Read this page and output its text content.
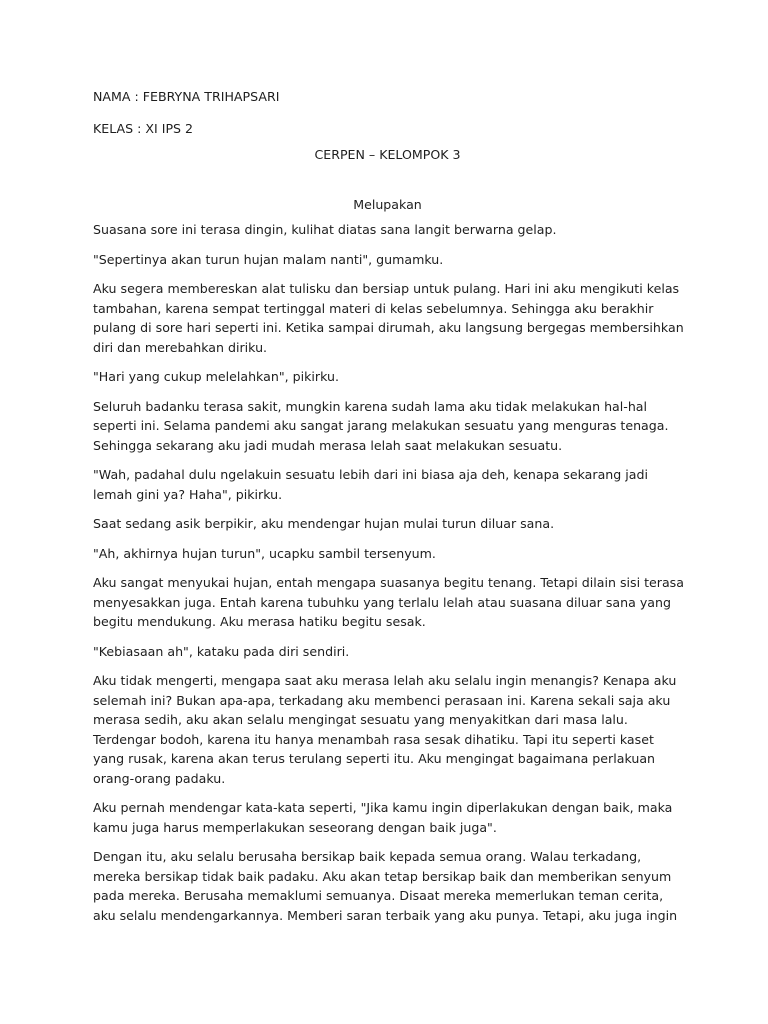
NAMA : FEBRYNA TRIHAPSARI
KELAS : XI IPS 2
CERPEN – KELOMPOK 3
Melupakan

Suasana sore ini terasa dingin, kulihat diatas sana langit berwarna gelap.

"Sepertinya akan turun hujan malam nanti", gumamku.

Aku segera membereskan alat tulisku dan bersiap untuk pulang. Hari ini aku mengikuti kelas
tambahan, karena sempat tertinggal materi di kelas sebelumnya. Sehingga aku berakhir
pulang di sore hari seperti ini. Ketika sampai dirumah, aku langsung bergegas membersihkan
diri dan merebahkan diriku.

"Hari yang cukup melelahkan", pikirku.

Seluruh badanku terasa sakit, mungkin karena sudah lama aku tidak melakukan hal-hal
seperti ini. Selama pandemi aku sangat jarang melakukan sesuatu yang menguras tenaga.
Sehingga sekarang aku jadi mudah merasa lelah saat melakukan sesuatu.

"Wah, padahal dulu ngelakuin sesuatu lebih dari ini biasa aja deh, kenapa sekarang jadi
lemah gini ya? Haha", pikirku.

Saat sedang asik berpikir, aku mendengar hujan mulai turun diluar sana.

"Ah, akhirnya hujan turun", ucapku sambil tersenyum.

Aku sangat menyukai hujan, entah mengapa suasanya begitu tenang. Tetapi dilain sisi terasa
menyesakkan juga. Entah karena tubuhku yang terlalu lelah atau suasana diluar sana yang
begitu mendukung. Aku merasa hatiku begitu sesak.

"Kebiasaan ah", kataku pada diri sendiri.

Aku tidak mengerti, mengapa saat aku merasa lelah aku selalu ingin menangis? Kenapa aku
selemah ini? Bukan apa-apa, terkadang aku membenci perasaan ini. Karena sekali saja aku
merasa sedih, aku akan selalu mengingat sesuatu yang menyakitkan dari masa lalu.
Terdengar bodoh, karena itu hanya menambah rasa sesak dihatiku. Tapi itu seperti kaset
yang rusak, karena akan terus terulang seperti itu. Aku mengingat bagaimana perlakuan
orang-orang padaku.

Aku pernah mendengar kata-kata seperti, "Jika kamu ingin diperlakukan dengan baik, maka
kamu juga harus memperlakukan seseorang dengan baik juga".

Dengan itu, aku selalu berusaha bersikap baik kepada semua orang. Walau terkadang,
mereka bersikap tidak baik padaku. Aku akan tetap bersikap baik dan memberikan senyum
pada mereka. Berusaha memaklumi semuanya. Disaat mereka memerlukan teman cerita,
aku selalu mendengarkannya. Memberi saran terbaik yang aku punya. Tetapi, aku juga ingin
